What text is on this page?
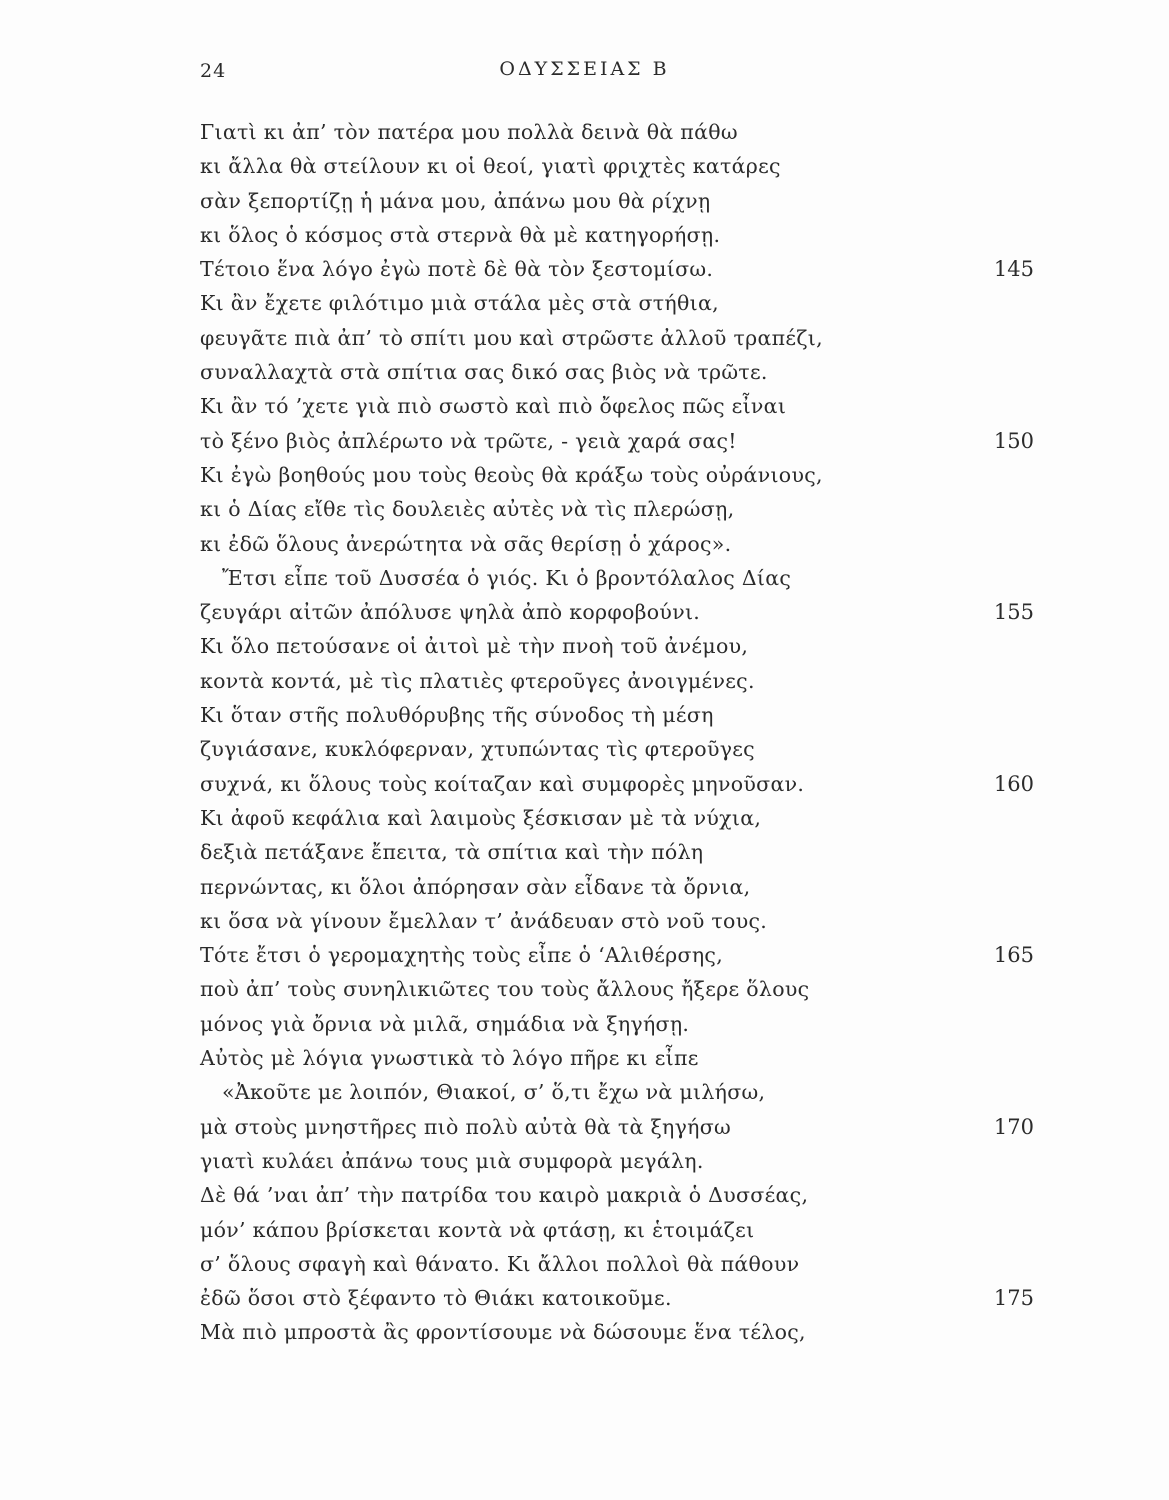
24	ΟΔΥΣΣΕΙΑΣ Β
Γιατὶ κι ἀπ’ τὸν πατέρα μου πολλὰ δεινὰ θὰ πάθω
κι ἄλλα θὰ στείλουν κι οἱ θεοί, γιατὶ φριχτὲς κατάρες
σὰν ξεπορτίζῃ ἡ μάνα μου, ἀπάνω μου θὰ ρίχνῃ
κι ὅλος ὁ κόσμος στὰ στερνὰ θὰ μὲ κατηγορήσῃ.
Τέτοιο ἕνα λόγο ἐγὼ ποτὲ δὲ θὰ τὸν ξεστομίσω.	145
Κι ἂν ἔχετε φιλότιμο μιὰ στάλα μὲς στὰ στήθια,
φευγᾶτε πιὰ ἀπ’ τὸ σπίτι μου καὶ στρῶστε ἀλλοῦ τραπέζι,
συναλλαχτὰ στὰ σπίτια σας δικό σας βιὸς νὰ τρῶτε.
Κι ἂν τό ’χετε γιὰ πιὸ σωστὸ καὶ πιὸ ὄφελος πῶς εἶναι
τὸ ξένο βιὸς ἀπλέρωτο νὰ τρῶτε, - γειὰ χαρά σας!	150
Κι ἐγὼ βοηθούς μου τοὺς θεοὺς θὰ κράξω τοὺς οὐράνιους,
κι ὁ Δίας εἴθε τὶς δουλειὲς αὐτὲς νὰ τὶς πλερώσῃ,
κι ἐδῶ ὅλους ἀνερώτητα νὰ σᾶς θερίσῃ ὁ χάρος».
Ἔτσι εἶπε τοῦ Δυσσέα ὁ γιός. Κι ὁ βροντόλαλος Δίας
ζευγάρι αἰτῶν ἀπόλυσε ψηλὰ ἀπὸ κορφοβούνι.	155
Κι ὅλο πετούσανε οἱ ἀιτοὶ μὲ τὴν πνοὴ τοῦ ἀνέμου,
κοντὰ κοντά, μὲ τὶς πλατιὲς φτεροῦγες ἀνοιγμένες.
Κι ὅταν στῆς πολυθόρυβης τῆς σύνοδος τὴ μέση
ζυγιάσανε, κυκλόφερναν, χτυπώντας τὶς φτεροῦγες
συχνά, κι ὅλους τοὺς κοίταζαν καὶ συμφορὲς μηνοῦσαν.	160
Κι ἀφοῦ κεφάλια καὶ λαιμοὺς ξέσκισαν μὲ τὰ νύχια,
δεξιὰ πετάξανε ἔπειτα, τὰ σπίτια καὶ τὴν πόλη
περνώντας, κι ὅλοι ἀπόρησαν σὰν εἶδανε τὰ ὄρνια,
κι ὅσα νὰ γίνουν ἔμελλαν τ’ ἀνάδευαν στὸ νοῦ τους.
Τότε ἔτσι ὁ γερομαχητὴς τοὺς εἶπε ὁ ‘Αλιθέρσης,	165
ποὺ ἀπ’ τοὺς συνηλικιῶτες του τοὺς ἄλλους ἤξερε ὅλους
μόνος γιὰ ὄρνια νὰ μιλᾶ, σημάδια νὰ ξηγήσῃ.
Αὐτὸς μὲ λόγια γνωστικὰ τὸ λόγο πῆρε κι εἶπε
«Ἀκοῦτε με λοιπόν, Θιακοί, σ’ ὅ,τι ἔχω νὰ μιλήσω,
μὰ στοὺς μνηστῆρες πιὸ πολὺ αὐτὰ θὰ τὰ ξηγήσω	170
γιατὶ κυλάει ἀπάνω τους μιὰ συμφορὰ μεγάλη.
Δὲ θά ’ναι ἀπ’ τὴν πατρίδα του καιρὸ μακριὰ ὁ Δυσσέας,
μόν’ κάπου βρίσκεται κοντὰ νὰ φτάσῃ, κι ἑτοιμάζει
σ’ ὅλους σφαγὴ καὶ θάνατο. Κι ἄλλοι πολλοὶ θὰ πάθουν
ἐδῶ ὅσοι στὸ ξέφαντο τὸ Θιάκι κατοικοῦμε.	175
Μὰ πιὸ μπροστὰ ἂς φροντίσουμε νὰ δώσουμε ἕνα τέλος,
